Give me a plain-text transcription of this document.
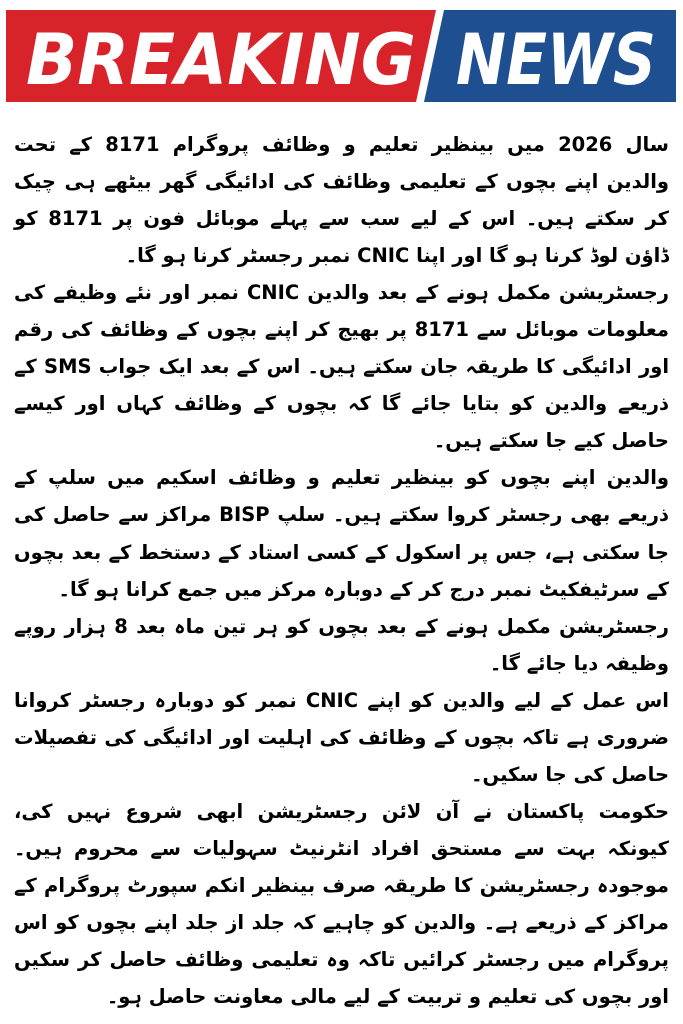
BREAKING NEWS

سال 2026 میں بینظیر تعلیم و وظائف پروگرام 8171 کے تحت والدین اپنے بچوں کے تعلیمی وظائف کی ادائیگی گھر بیٹھے ہی چیک کر سکتے ہیں۔ اس کے لیے سب سے پہلے موبائل فون پر 8171 کو ڈاؤن لوڈ کرنا ہو گا اور اپنا CNIC نمبر رجسٹر کرنا ہو گا۔

رجسٹریشن مکمل ہونے کے بعد والدین CNIC نمبر اور نئے وظیفے کی معلومات موبائل سے 8171 پر بھیج کر اپنے بچوں کے وظائف کی رقم اور ادائیگی کا طریقہ جان سکتے ہیں۔ اس کے بعد ایک جواب SMS کے ذریعے والدین کو بتایا جائے گا کہ بچوں کے وظائف کہاں اور کیسے حاصل کیے جا سکتے ہیں۔

والدین اپنے بچوں کو بینظیر تعلیم و وظائف اسکیم میں سلپ کے ذریعے بھی رجسٹر کروا سکتے ہیں۔ سلپ BISP مراکز سے حاصل کی جا سکتی ہے، جس پر اسکول کے کسی استاد کے دستخط کے بعد بچوں کے سرٹیفکیٹ نمبر درج کر کے دوبارہ مرکز میں جمع کرانا ہو گا۔

رجسٹریشن مکمل ہونے کے بعد بچوں کو ہر تین ماہ بعد 8 ہزار روپے وظیفہ دیا جائے گا۔

اس عمل کے لیے والدین کو اپنے CNIC نمبر کو دوبارہ رجسٹر کروانا ضروری ہے تاکہ بچوں کے وظائف کی اہلیت اور ادائیگی کی تفصیلات حاصل کی جا سکیں۔

حکومت پاکستان نے آن لائن رجسٹریشن ابھی شروع نہیں کی، کیونکہ بہت سے مستحق افراد انٹرنیٹ سہولیات سے محروم ہیں۔ موجودہ رجسٹریشن کا طریقہ صرف بینظیر انکم سپورٹ پروگرام کے مراکز کے ذریعے ہے۔ والدین کو چاہیے کہ جلد از جلد اپنے بچوں کو اس پروگرام میں رجسٹر کرائیں تاکہ وہ تعلیمی وظائف حاصل کر سکیں اور بچوں کی تعلیم و تربیت کے لیے مالی معاونت حاصل ہو۔
